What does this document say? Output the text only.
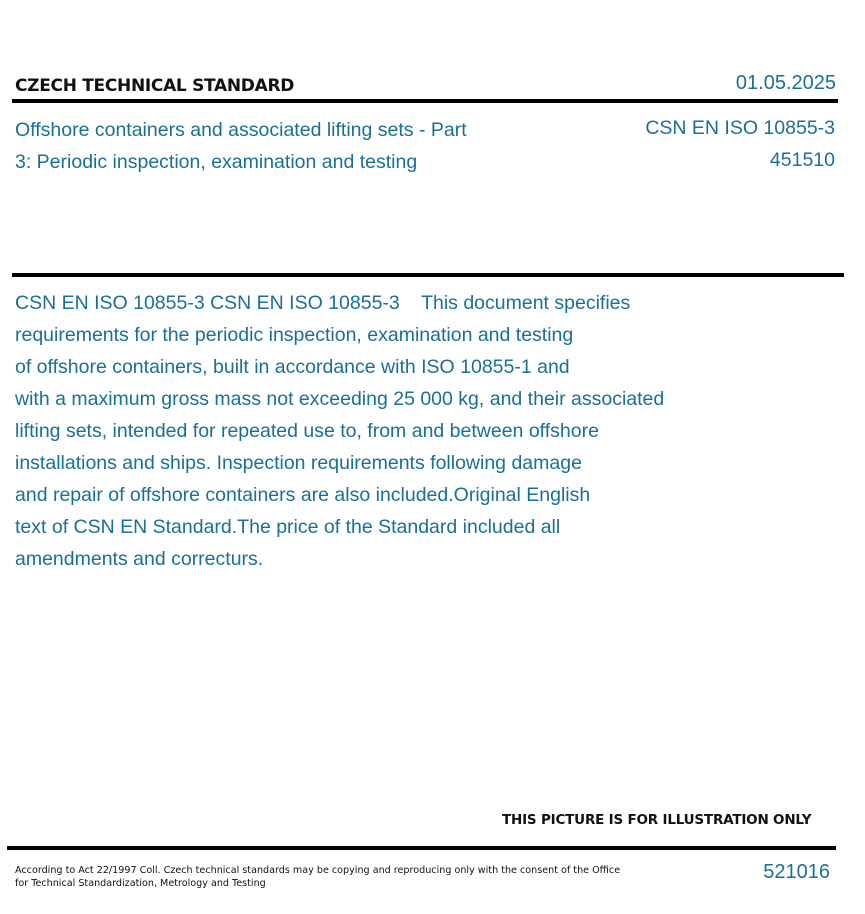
CZECH TECHNICAL STANDARD	01.05.2025
Offshore containers and associated lifting sets - Part
3: Periodic inspection, examination and testing
CSN EN ISO 10855-3
451510
CSN EN ISO 10855-3 CSN EN ISO 10855-3    This document specifies
requirements for the periodic inspection, examination and testing
of offshore containers, built in accordance with ISO 10855-1 and
with a maximum gross mass not exceeding 25 000 kg, and their associated
lifting sets, intended for repeated use to, from and between offshore
installations and ships. Inspection requirements following damage
and repair of offshore containers are also included.Original English
text of CSN EN Standard.The price of the Standard included all
amendments and correcturs.
THIS PICTURE IS FOR ILLUSTRATION ONLY
According to Act 22/1997 Coll. Czech technical standards may be copying and reproducing only with the consent of the Office
for Technical Standardization, Metrology and Testing
521016
